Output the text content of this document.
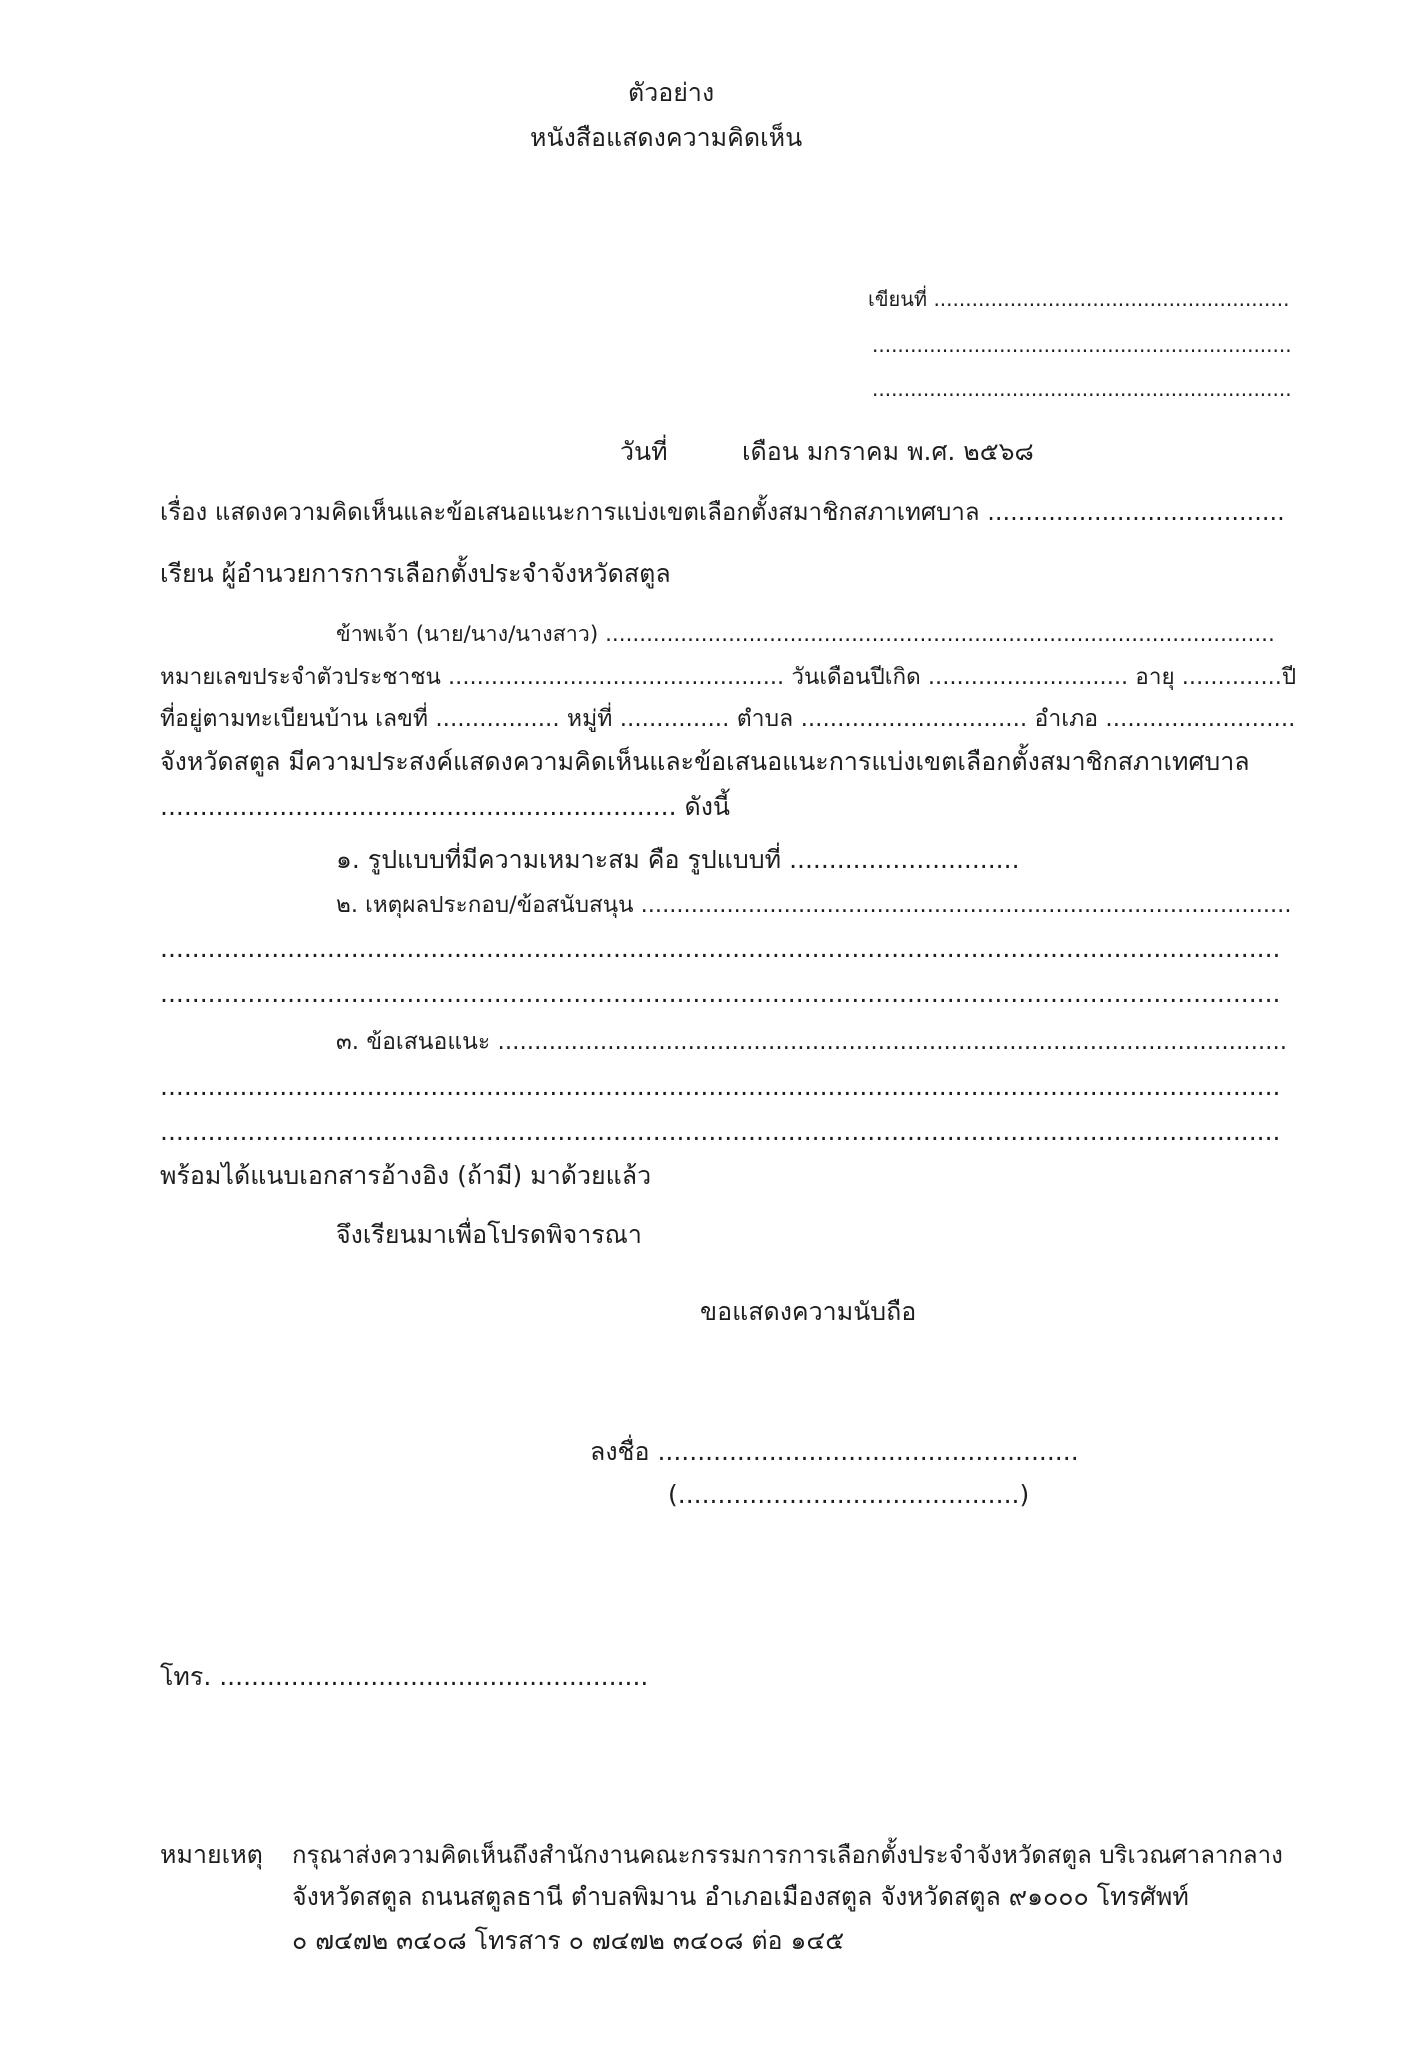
ตัวอย่าง
หนังสือแสดงความคิดเห็น
เขียนที่ ........................................................
..................................................................
..................................................................
วันที่	เดือน มกราคม พ.ศ. ๒๕๖๘
เรื่อง แสดงความคิดเห็นและข้อเสนอแนะการแบ่งเขตเลือกตั้งสมาชิกสภาเทศบาล .......................................
เรียน ผู้อำนวยการการเลือกตั้งประจำจังหวัดสตูล
ข้าพเจ้า (นาย/นาง/นางสาว) ..................................................................................................
หมายเลขประจำตัวประชาชน ............................................... วันเดือนปีเกิด ............................ อายุ ..............ปี
ที่อยู่ตามทะเบียนบ้าน เลขที่ ................. หมู่ที่ ............... ตำบล ............................... อำเภอ ..........................
จังหวัดสตูล มีความประสงค์แสดงความคิดเห็นและข้อเสนอแนะการแบ่งเขตเลือกตั้งสมาชิกสภาเทศบาล
................................................................. ดังนี้
๑. รูปแบบที่มีความเหมาะสม คือ รูปแบบที่ .............................
๒. เหตุผลประกอบ/ข้อสนับสนุน ...........................................................................................
.............................................................................................................................................
.............................................................................................................................................
๓. ข้อเสนอแนะ ............................................................................................................
.............................................................................................................................................
.............................................................................................................................................
พร้อมได้แนบเอกสารอ้างอิง (ถ้ามี) มาด้วยแล้ว
จึงเรียนมาเพื่อโปรดพิจารณา
ขอแสดงความนับถือ
ลงชื่อ .....................................................
(...........................................)
โทร. ......................................................
หมายเหตุ กรุณาส่งความคิดเห็นถึงสำนักงานคณะกรรมการการเลือกตั้งประจำจังหวัดสตูล บริเวณศาลากลาง
จังหวัดสตูล ถนนสตูลธานี ตำบลพิมาน อำเภอเมืองสตูล จังหวัดสตูล ๙๑๐๐๐ โทรศัพท์
๐ ๗๔๗๒ ๓๔๐๘ โทรสาร ๐ ๗๔๗๒ ๓๔๐๘ ต่อ ๑๔๕
